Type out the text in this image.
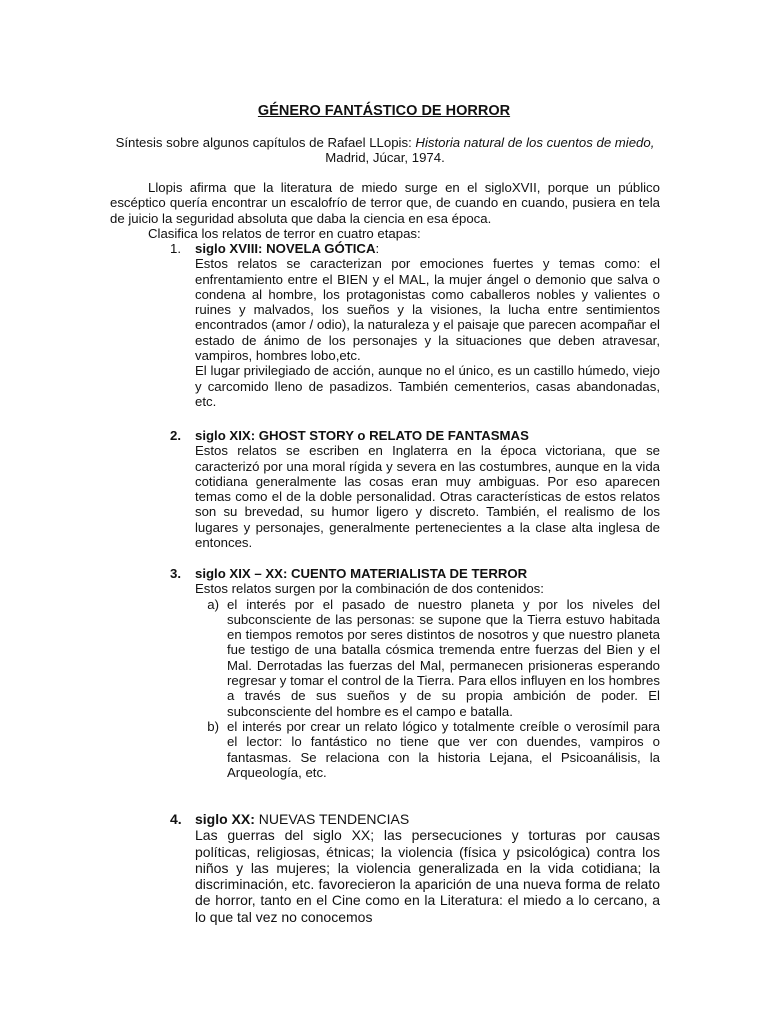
GÉNERO FANTÁSTICO DE HORROR

Síntesis sobre algunos capítulos de Rafael LLopis: Historia natural de los cuentos de miedo, Madrid, Júcar, 1974.

Llopis afirma que la literatura de miedo surge en el sigloXVII, porque un público escéptico quería encontrar un escalofrío de terror que, de cuando en cuando, pusiera en tela de juicio la seguridad absoluta que daba la ciencia en esa época.

Clasifica los relatos de terror en cuatro etapas:

1.	siglo XVIII: NOVELA GÓTICA:

Estos relatos se caracterizan por emociones fuertes y temas como: el enfrentamiento entre el BIEN y el MAL, la mujer ángel o demonio que salva o condena al hombre, los protagonistas como caballeros nobles y valientes o ruines y malvados, los sueños y la visiones, la lucha entre sentimientos encontrados (amor / odio), la naturaleza y el paisaje que parecen acompañar el estado de ánimo de los personajes y la situaciones que deben atravesar, vampiros, hombres lobo,etc.

El lugar privilegiado de acción, aunque no el único, es un castillo húmedo, viejo y carcomido lleno de pasadizos. También cementerios, casas abandonadas, etc.

2.	siglo XIX: GHOST STORY o RELATO DE FANTASMAS

Estos relatos se escriben en Inglaterra en la época victoriana, que se caracterizó por una moral rígida y severa en las costumbres, aunque en la vida cotidiana generalmente las cosas eran muy ambiguas. Por eso aparecen temas como el de la doble personalidad. Otras características de estos relatos son su brevedad, su humor ligero y discreto. También, el realismo de los lugares y personajes, generalmente pertenecientes a la clase alta inglesa de entonces.

3.	siglo XIX – XX: CUENTO MATERIALISTA DE TERROR

Estos relatos surgen por la combinación de dos contenidos:

a) el interés por el pasado de nuestro planeta y por los niveles del subconsciente de las personas: se supone que la Tierra estuvo habitada en tiempos remotos por seres distintos de nosotros y que nuestro planeta fue testigo de una batalla cósmica tremenda entre fuerzas del Bien y el Mal. Derrotadas las fuerzas del Mal, permanecen prisioneras esperando regresar y tomar el control de la Tierra. Para ellos influyen en los hombres a través de sus sueños y de su propia ambición de poder. El subconsciente del hombre es el campo e batalla.
b) el interés por crear un relato lógico y totalmente creíble o verosímil para el lector: lo fantástico no tiene que ver con duendes, vampiros o fantasmas. Se relaciona con la historia Lejana, el Psicoanálisis, la Arqueología, etc.
4. siglo XX: NUEVAS TENDENCIAS

Las guerras del siglo XX; las persecuciones y torturas por causas políticas, religiosas, étnicas; la violencia (física y psicológica) contra los niños y las mujeres; la violencia generalizada en la vida cotidiana; la discriminación, etc. favorecieron la aparición de una nueva forma de relato de horror, tanto en el Cine como en la Literatura: el miedo a lo cercano, a lo que tal vez no conocemos
